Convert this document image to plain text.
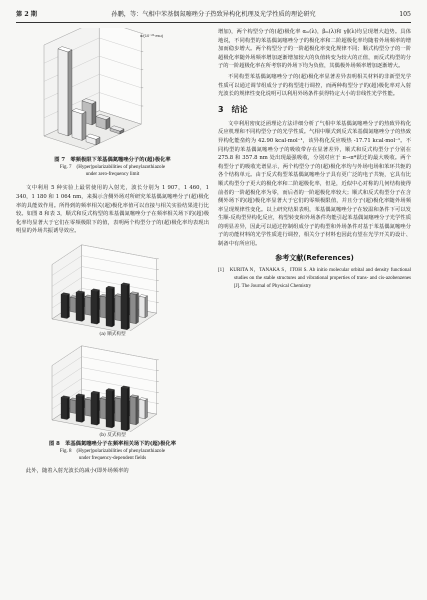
第 2 期	孙鹏，等：气相中苯基偶氮噻唑分子热致异构化机理及光学性质的理论研究	105
α/(10⁻²³·esu)
图 7　零频极限下苯基偶氮噻唑分子的(超)极化率
Fig. 7　(Hyper)polarizabilities of phenylazothiazole
under zero-frequency limit

文中利用 5 种实验上最常使用的入射光，波长分别为 1 907，1 460，1 340，1 180 和 1 064 nm，来揭示含侧外场对所研究苯基偶氮噻唑分子(超)极化率的具能效作用。所得到的频率相关(超)极化率值可以直接与相关实验结果进行比较。如图 8 和表 3，顺式和反式构型的苯基偶氮噻唑分子在频率相关场下的(超)极化率均显著大于它们在零频极限下的值，表明两个构型分子的(超)极化率均表现出明显的外场共振诱导效应。

(a) 顺式构型
(b) 反式构型
图 8　苯基偶氮噻唑分子在频率相关场下的(超)极化率
Fig. 8　(Hyper)polarizabilities of phenylazothiazole
under frequency-dependent fields

此外，随着入射光波长的减小(即外场频率的

增加)，两个构型分子的(超)极化率 αₘ(λ)，βₘ(λ)和 γ∥(λ)均呈现增大趋势。具体地说，不同构型的苯基偶氮噻唑分子的极化率和二阶超极化率均随着外场频率的增加而稳步增大。两个构型分子的一阶超极化率变化规律不同；顺式构型分子的一阶超极化率随外场频率增加逐渐增加较大的负值转变为较大的正值，而反式构型的分子的一阶超极化率在所考察的外场下均为负值，其偶极外场频率增加逐渐增大。

不同构型苯基偶氮噻唑分子的(超)极化率显著差异表明相关材料的非新型光学性质可以通过调节组成分子的构型进行调控，而两种构型分子的(超)极化率对入射光波长的规律性变化说明可以利用外场条件获得特定大小的非线性光学性能。

3　结论

文中利用密度泛函理论方法详细分析了气相中苯基偶氮噻唑分子的热致异构化反应机理和不同构型分子的光学性质。气相中顺式到反式苯基偶氮噻唑分子的热致异构化能垒约为 42.90 kcal·mol⁻¹，该异构化反应吸热 -17.71 kcal·mol⁻¹。不同构型的苯基偶氮噻唑分子的吸收带存在显著差异，顺式和反式构型分子分别在 275.8 和 357.8 nm 处出现最强吸收，分别对应于 π→π*跃迁的最大吸收。两个构型分子的吸收光谱显示，两个构型分子的(超)极化率均与外场电场和苯环共轭的各个结构单元。由于反式构型苯基偶氮噻唑分子具有更广泛的电子共轭，它具有比顺式构型分子更大的极化率和二阶超极化率，但是，近似中心对称的几何结构使得前者的一阶超极化率为零，而后者的一阶超极化率较大；顺式和反式构型分子在含侧外场下的(超)极化率显著大于它们的零频极限值，并且分子(超)极化率随外场频率呈现规律性变化。以上研究结果表明，苯基偶氮噻唑分子在较温和条件下可以发生顺-反构型异构化反应，构型转变和外场条件均能引起苯基偶氮噻唑分子光学性质的明显差异，因此可以通过控制组成分子的构型和外场条件对基于苯基偶氮噻唑分子的功能材料的光学性质进行调控，相关分子材料也因此有望在光学开关的设计、制备中有所应用。

参考文献(References)
[1]　KURITA N，TANAKA S，ITOH S. Ab initio molecular orbital and density functional studies on the stable structures and vibrational properties of trans- and cis-azobenzenes [J]. The Journal of Physical Chemistry
